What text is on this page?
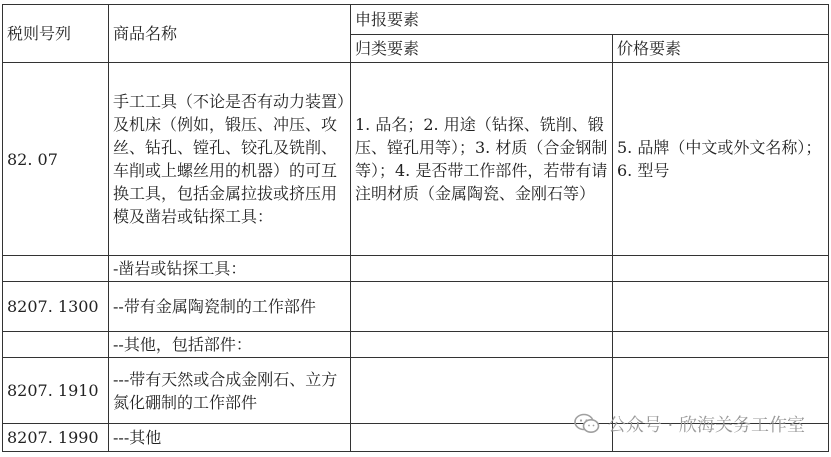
税则号列	商品名称	申报要素	
		归类要素	价格要素
82. 07	手工工具（不论是否有动力装置）及机床（例如，锻压、冲压、攻丝、钻孔、镗孔、铰孔及铣削、车削或上螺丝用的机器）的可互换工具，包括金属拉拔或挤压用模及凿岩或钻探工具：	1. 品名；2. 用途（钻探、铣削、锻压、镗孔用等）；3. 材质（合金钢制等）；4. 是否带工作部件，若带有请注明材质（金属陶瓷、金刚石等）	5. 品牌（中文或外文名称）；6. 型号
	-凿岩或钻探工具：		
8207. 1300	--带有金属陶瓷制的工作部件		
	--其他，包括部件：		
8207. 1910	---带有天然或合成金刚石、立方氮化硼制的工作部件		
8207. 1990	---其他		
公众号 · 欣海关务工作室
